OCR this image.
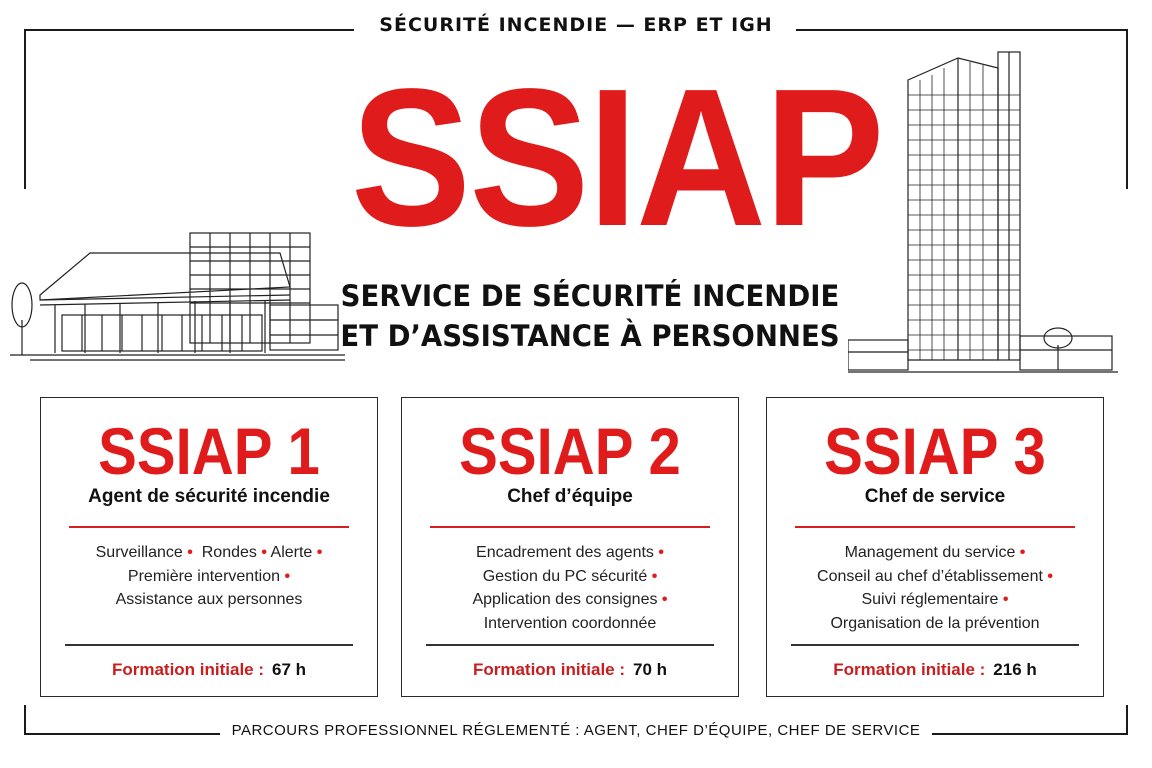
SÉCURITÉ INCENDIE — ERP ET IGH
SSIAP
SERVICE DE SÉCURITÉ INCENDIE
ET D’ASSISTANCE À PERSONNES
SSIAP 1
Agent de sécurité incendie
Surveillance • Rondes • Alerte •
Première intervention •
Assistance aux personnes
Formation initiale : 67 h
SSIAP 2
Chef d’équipe
Encadrement des agents •
Gestion du PC sécurité •
Application des consignes •
Intervention coordonnée
Formation initiale : 70 h
SSIAP 3
Chef de service
Management du service •
Conseil au chef d’établissement •
Suivi réglementaire •
Organisation de la prévention
Formation initiale : 216 h
PARCOURS PROFESSIONNEL RÉGLEMENTÉ : AGENT, CHEF D’ÉQUIPE, CHEF DE SERVICE
